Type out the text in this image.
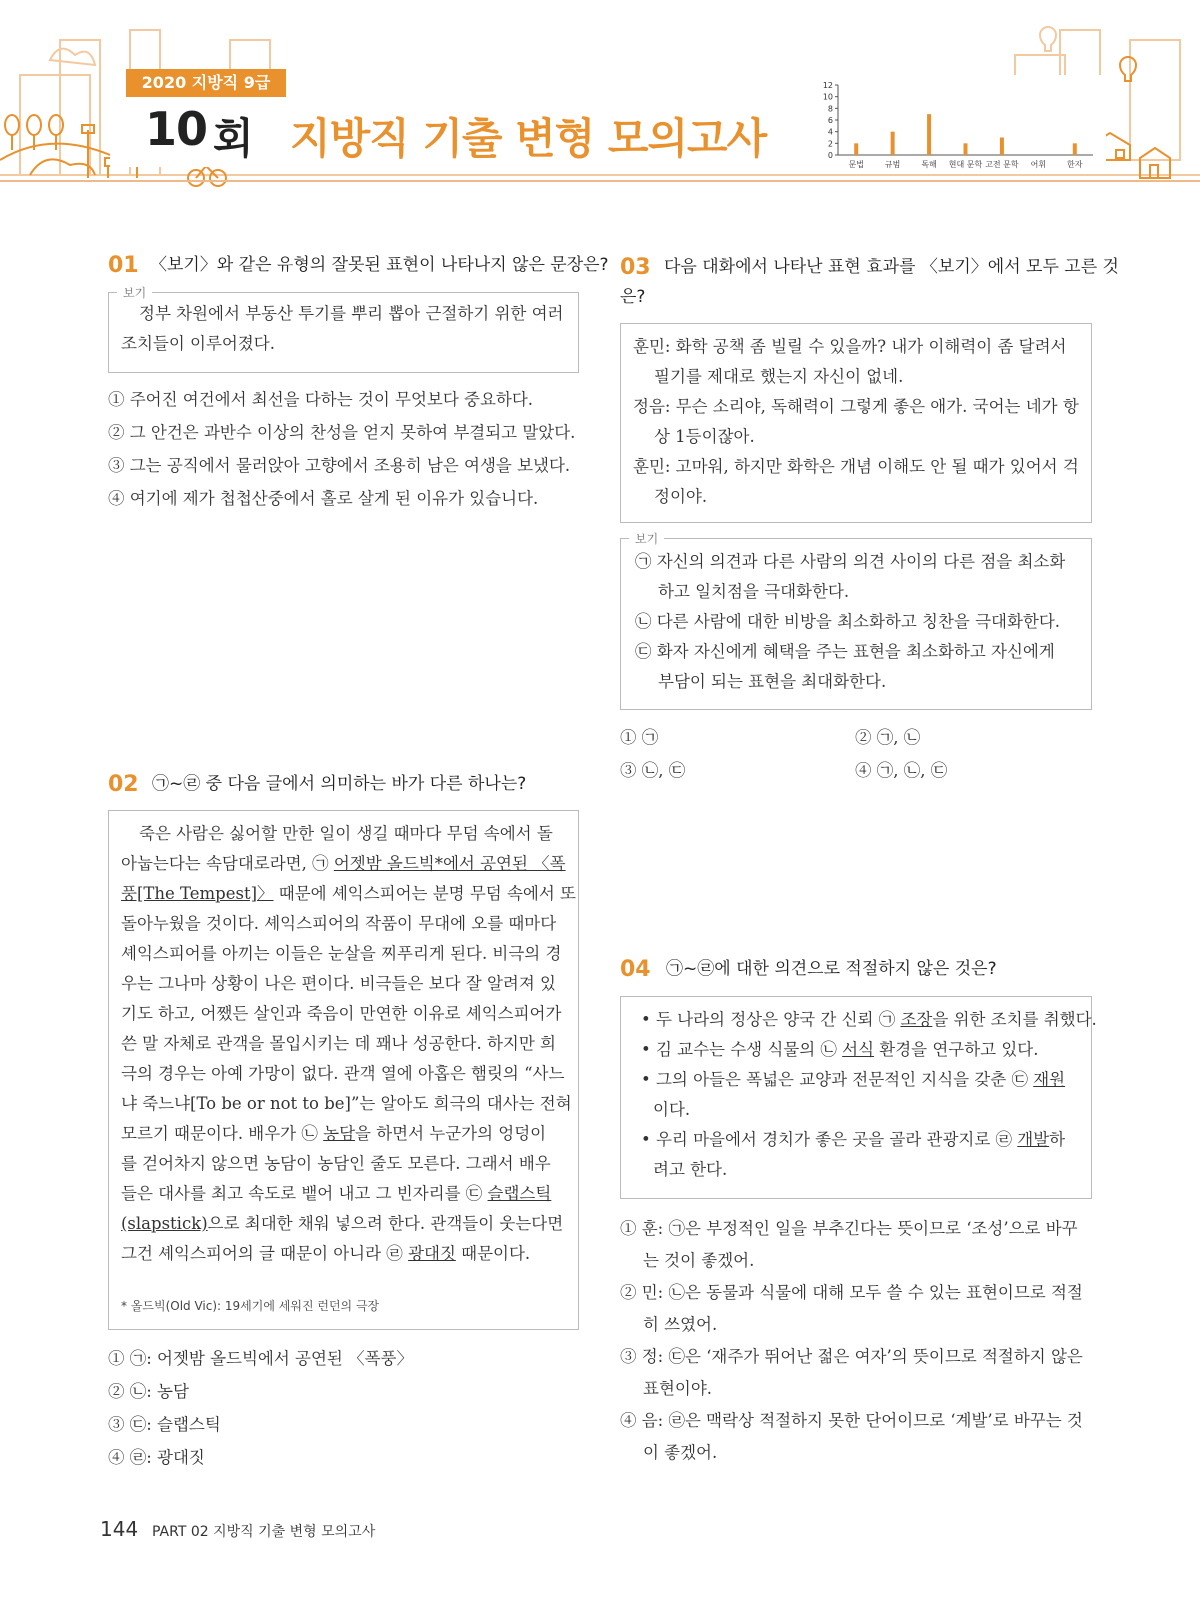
2020 지방직 9급
10 회 지방직 기출 변형 모의고사	0
2
4
6
8
10
12
문법	규범	독해 현대 문학 고전 문학 어휘	한자
01 〈보기〉와 같은 유형의 잘못된 표현이 나타나지 않은 문장은?
보기
정부 차원에서 부동산 투기를 뿌리 뽑아 근절하기 위한 여러
조치들이 이루어졌다.
① 주어진 여건에서 최선을 다하는 것이 무엇보다 중요하다.
② 그 안건은 과반수 이상의 찬성을 얻지 못하여 부결되고 말았다.
③ 그는 공직에서 물러앉아 고향에서 조용히 남은 여생을 보냈다.
④ 여기에 제가 첩첩산중에서 홀로 살게 된 이유가 있습니다.
02 ㉠~㉣ 중 다음 글에서 의미하는 바가 다른 하나는?
죽은 사람은 싫어할 만한 일이 생길 때마다 무덤 속에서 돌
아눕는다는 속담대로라면, ㉠ 어젯밤 올드빅*에서 공연된 〈폭
풍[The Tempest]〉 때문에 셰익스피어는 분명 무덤 속에서 또
돌아누웠을 것이다. 셰익스피어의 작품이 무대에 오를 때마다
셰익스피어를 아끼는 이들은 눈살을 찌푸리게 된다. 비극의 경
우는 그나마 상황이 나은 편이다. 비극들은 보다 잘 알려져 있
기도 하고, 어쨌든 살인과 죽음이 만연한 이유로 셰익스피어가
쓴 말 자체로 관객을 몰입시키는 데 꽤나 성공한다. 하지만 희
극의 경우는 아예 가망이 없다. 관객 열에 아홉은 햄릿의 “사느
냐 죽느냐[To be or not to be]”는 알아도 희극의 대사는 전혀
모르기 때문이다. 배우가 ㉡ 농담을 하면서 누군가의 엉덩이
를 걷어차지 않으면 농담이 농담인 줄도 모른다. 그래서 배우
들은 대사를 최고 속도로 뱉어 내고 그 빈자리를 ㉢ 슬랩스틱
(slapstick)으로 최대한 채워 넣으려 한다. 관객들이 웃는다면
그건 셰익스피어의 글 때문이 아니라 ㉣ 광대짓 때문이다.
* 올드빅(Old Vic): 19세기에 세워진 런던의 극장
① ㉠: 어젯밤 올드빅에서 공연된 〈폭풍〉
② ㉡: 농담
③ ㉢: 슬랩스틱
④ ㉣: 광대짓
03 다음 대화에서 나타난 표현 효과를 〈보기〉에서 모두 고른 것
은?
훈민: 화학 공책 좀 빌릴 수 있을까? 내가 이해력이 좀 달려서
필기를 제대로 했는지 자신이 없네.
정음: 무슨 소리야, 독해력이 그렇게 좋은 애가. 국어는 네가 항
상 1등이잖아.
훈민: 고마워, 하지만 화학은 개념 이해도 안 될 때가 있어서 걱
정이야.
보기
㉠ 자신의 의견과 다른 사람의 의견 사이의 다른 점을 최소화
하고 일치점을 극대화한다.
㉡ 다른 사람에 대한 비방을 최소화하고 칭찬을 극대화한다.
㉢ 화자 자신에게 혜택을 주는 표현을 최소화하고 자신에게
부담이 되는 표현을 최대화한다.
① ㉠	② ㉠, ㉡
③ ㉡, ㉢	④ ㉠, ㉡, ㉢
04 ㉠~㉣에 대한 의견으로 적절하지 않은 것은?
• 두 나라의 정상은 양국 간 신뢰 ㉠ 조장을 위한 조치를 취했다.
• 김 교수는 수생 식물의 ㉡ 서식 환경을 연구하고 있다.
• 그의 아들은 폭넓은 교양과 전문적인 지식을 갖춘 ㉢ 재원
이다.
• 우리 마을에서 경치가 좋은 곳을 골라 관광지로 ㉣ 개발하
려고 한다.
① 훈: ㉠은 부정적인 일을 부추긴다는 뜻이므로 ‘조성’으로 바꾸
는 것이 좋겠어.
② 민: ㉡은 동물과 식물에 대해 모두 쓸 수 있는 표현이므로 적절
히 쓰였어.
③ 정: ㉢은 ‘재주가 뛰어난 젊은 여자’의 뜻이므로 적절하지 않은
표현이야.
④ 음: ㉣은 맥락상 적절하지 못한 단어이므로 ‘계발’로 바꾸는 것
이 좋겠어.
144 PART 02 지방직 기출 변형 모의고사
